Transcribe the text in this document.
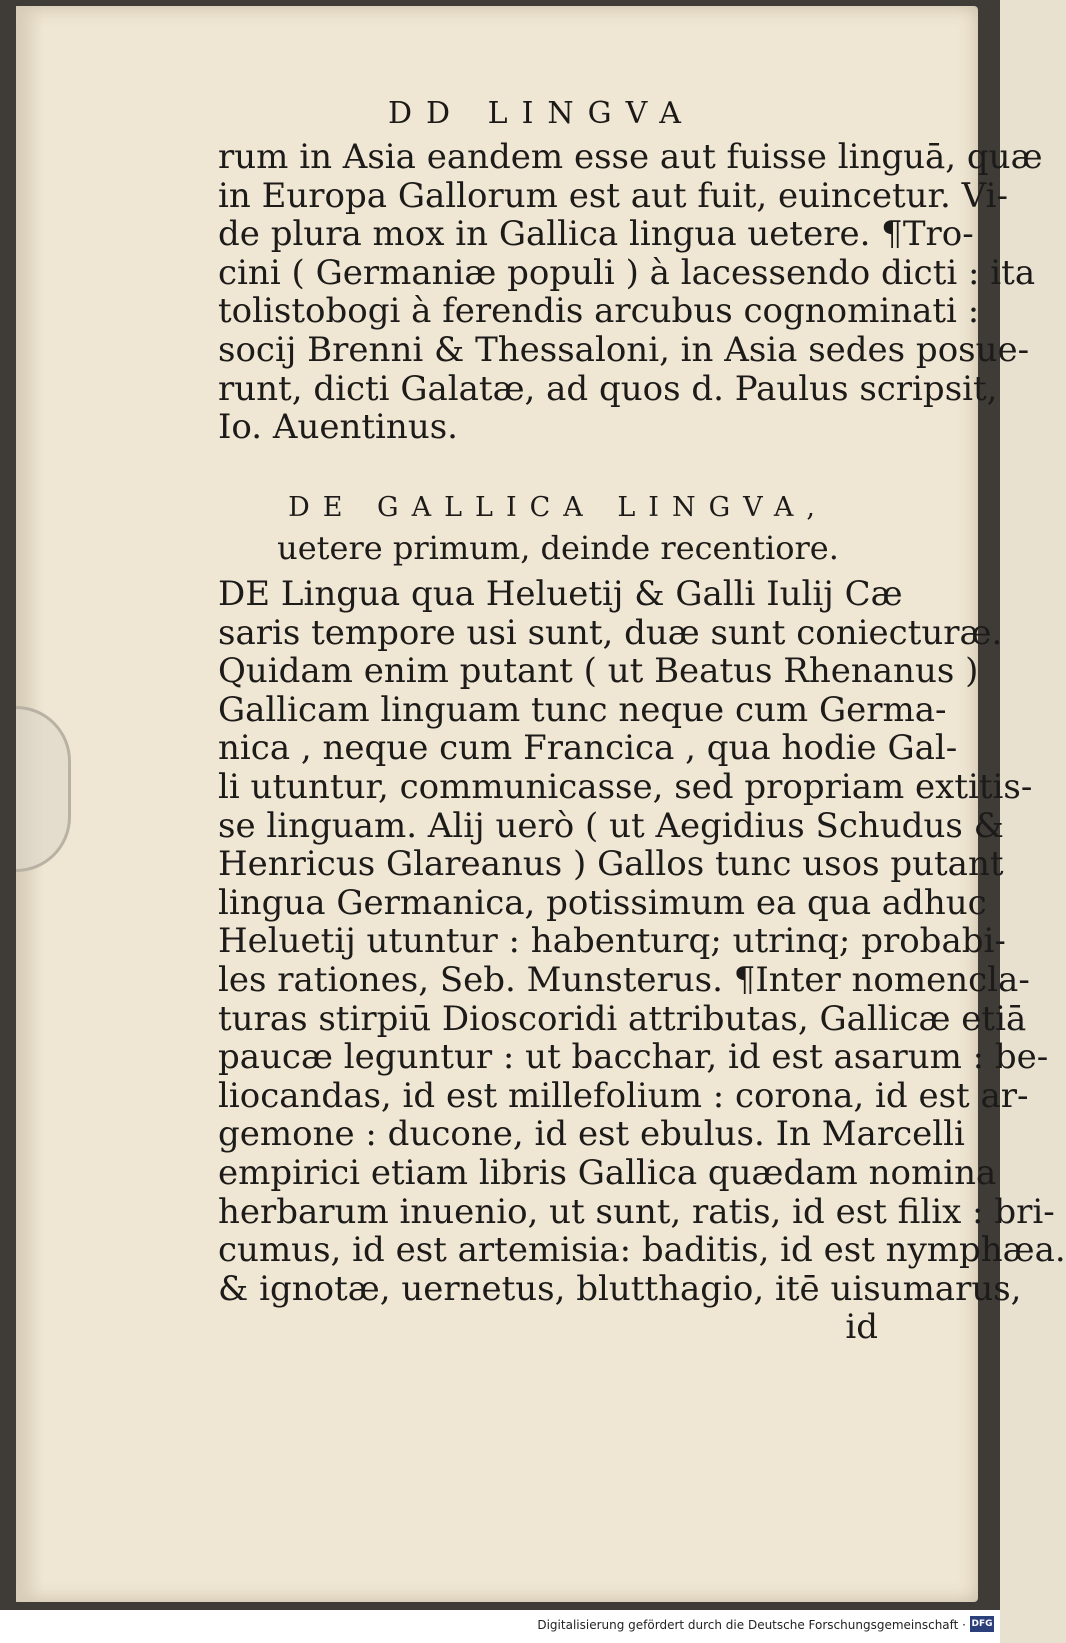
DD LINGVA
rum in Asia eandem esse aut fuisse linguā, quæ
in Europa Gallorum est aut fuit, euincetur. Vi-
de plura mox in Gallica lingua uetere. ¶Tro-
cini ( Germaniæ populi ) à lacessendo dicti : ita
tolistobogi à ferendis arcubus cognominati :
socij Brenni & Thessaloni, in Asia sedes posue-
runt, dicti Galatæ, ad quos d. Paulus scripsit,
Io. Auentinus.
DE GALLICA LINGVA,
uetere primum, deinde recentiore.
DE Lingua qua Heluetij & Galli Iulij Cæ
saris tempore usi sunt, duæ sunt coniecturæ.
Quidam enim putant ( ut Beatus Rhenanus )
Gallicam linguam tunc neque cum Germa-
nica , neque cum Francica , qua hodie Gal-
li utuntur, communicasse, sed propriam extitis-
se linguam. Alij uerò ( ut Aegidius Schudus &
Henricus Glareanus ) Gallos tunc usos putant
lingua Germanica, potissimum ea qua adhuc
Heluetij utuntur : habenturq; utrinq; probabi-
les rationes, Seb. Munsterus. ¶Inter nomencla-
turas stirpiū Dioscoridi attributas, Gallicæ etiā
paucæ leguntur : ut bacchar, id est asarum : be-
liocandas, id est millefolium : corona, id est ar-
gemone : ducone, id est ebulus. In Marcelli
empirici etiam libris Gallica quædam nomina
herbarum inuenio, ut sunt, ratis, id est filix : bri-
cumus, id est artemisia: baditis, id est nymphæa.
& ignotæ, uernetus, blutthagio, itē uisumarus,
id
Digitalisierung gefördert durch die Deutsche Forschungsgemeinschaft · DFG
